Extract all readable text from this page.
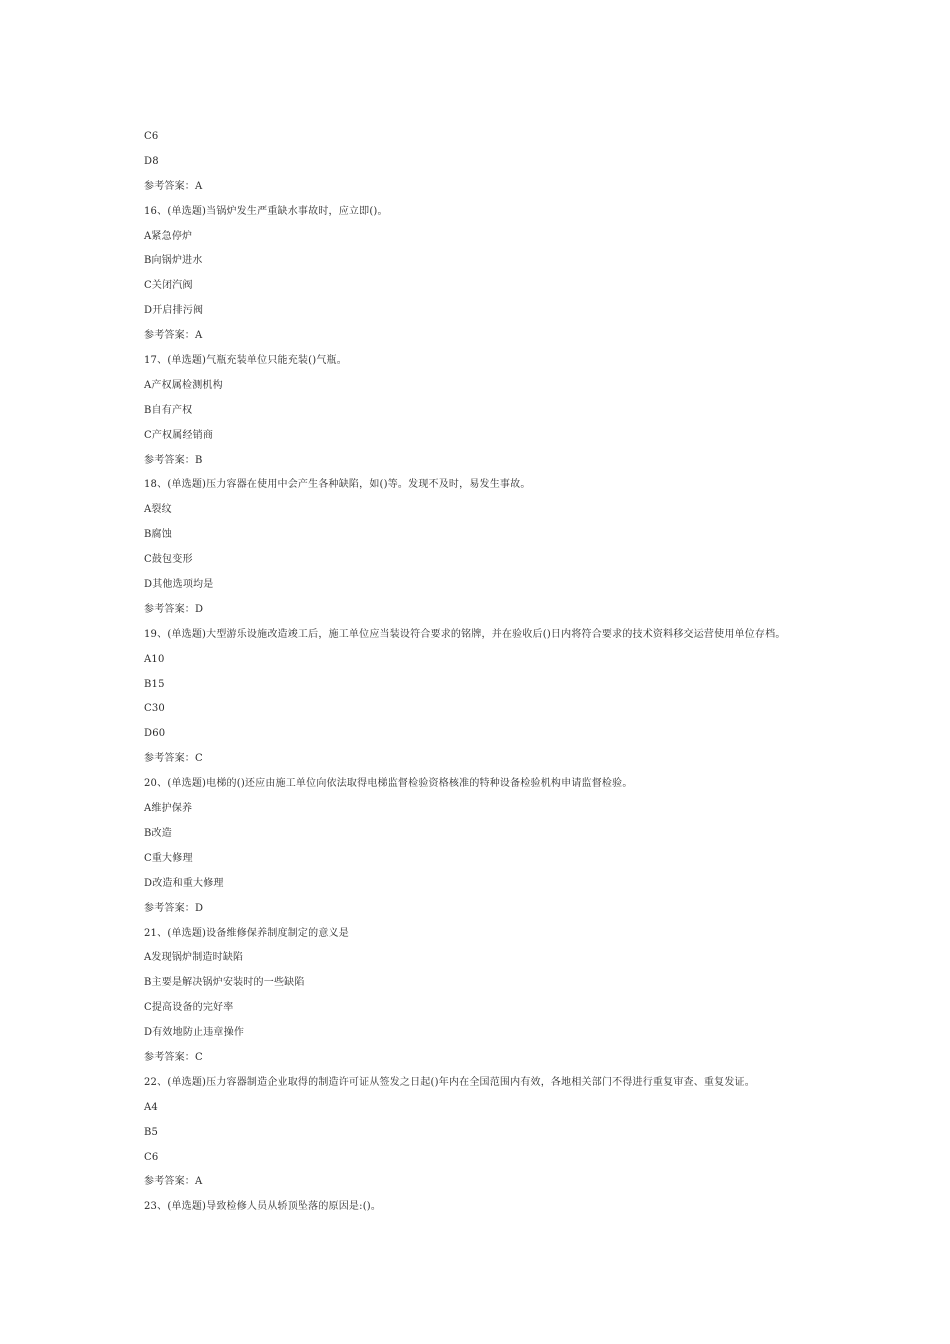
C6
D8
参考答案：A
16、(单选题)当锅炉发生严重缺水事故时，应立即()。
A紧急停炉
B向锅炉进水
C关闭汽阀
D开启排污阀
参考答案：A
17、(单选题)气瓶充装单位只能充装()气瓶。
A产权属检测机构
B自有产权
C产权属经销商
参考答案：B
18、(单选题)压力容器在使用中会产生各种缺陷，如()等。发现不及时，易发生事故。
A裂纹
B腐蚀
C鼓包变形
D其他选项均是
参考答案：D
19、(单选题)大型游乐设施改造竣工后，施工单位应当装设符合要求的铭牌，并在验收后()日内将符合要求的技术资料移交运营使用单位存档。
A10
B15
C30
D60
参考答案：C
20、(单选题)电梯的()还应由施工单位向依法取得电梯监督检验资格核准的特种设备检验机构申请监督检验。
A维护保养
B改造
C重大修理
D改造和重大修理
参考答案：D
21、(单选题)设备维修保养制度制定的意义是
A发现锅炉制造时缺陷
B主要是解决锅炉安装时的一些缺陷
C提高设备的完好率
D有效地防止违章操作
参考答案：C
22、(单选题)压力容器制造企业取得的制造许可证从签发之日起()年内在全国范围内有效，各地相关部门不得进行重复审查、重复发证。
A4
B5
C6
参考答案：A
23、(单选题)导致检修人员从轿顶坠落的原因是:()。
